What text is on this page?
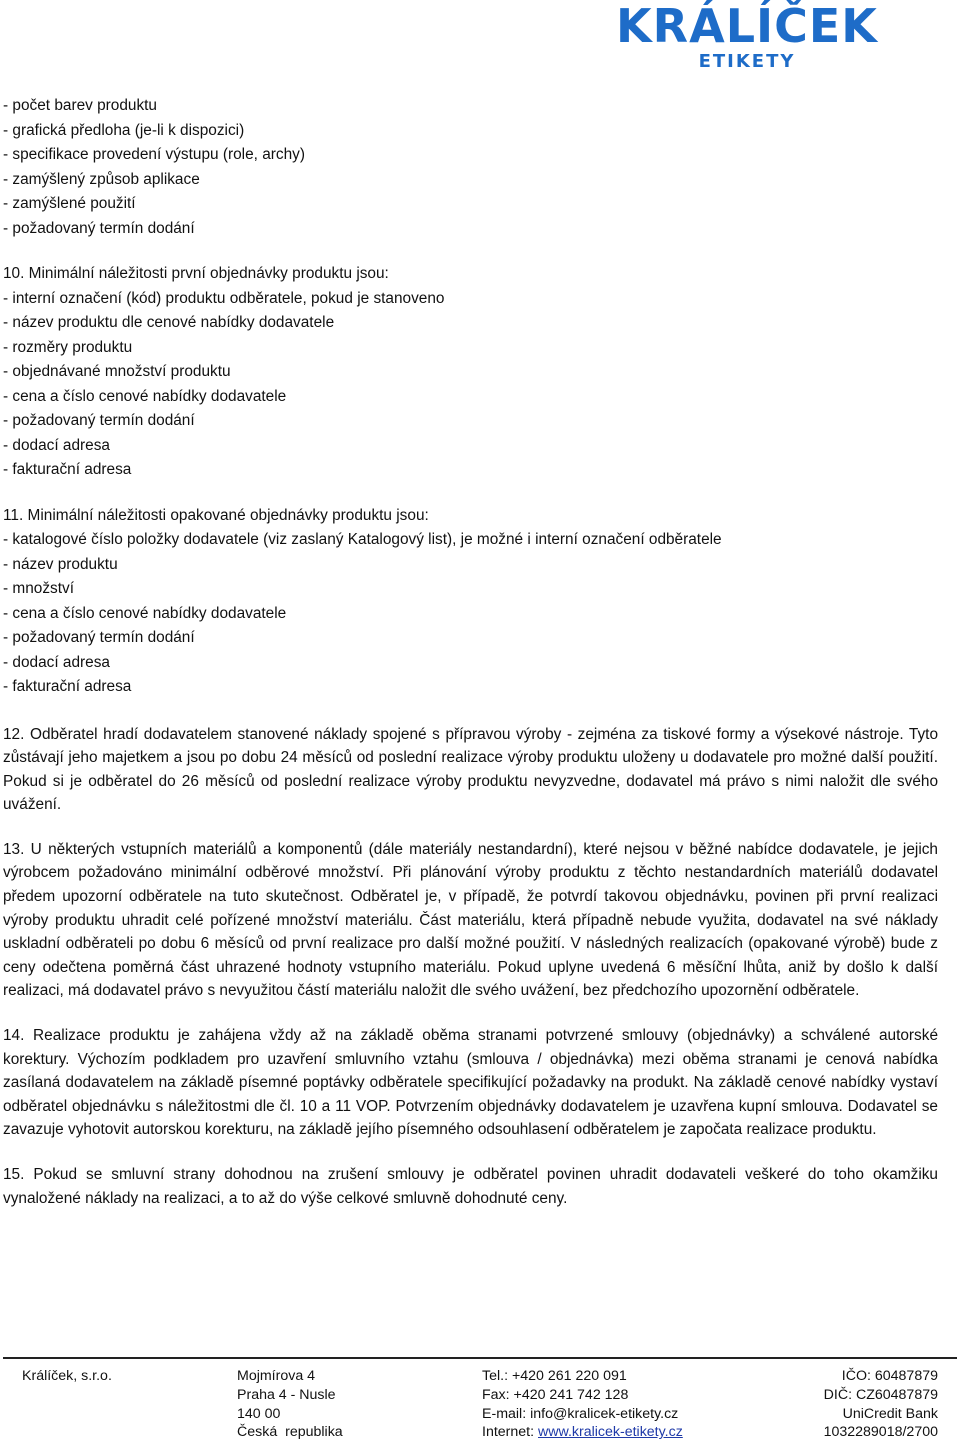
KRÁLÍČEK
ETIKETY
- počet barev produktu
- grafická předloha (je-li k dispozici)
- specifikace provedení výstupu (role, archy)
- zamýšlený způsob aplikace
- zamýšlené použití
- požadovaný termín dodání
10. Minimální náležitosti první objednávky produktu jsou:
- interní označení (kód) produktu odběratele, pokud je stanoveno
- název produktu dle cenové nabídky dodavatele
- rozměry produktu
- objednávané množství produktu
- cena a číslo cenové nabídky dodavatele
- požadovaný termín dodání
- dodací adresa
- fakturační adresa
11. Minimální náležitosti opakované objednávky produktu jsou:
- katalogové číslo položky dodavatele (viz zaslaný Katalogový list), je možné i interní označení odběratele
- název produktu
- množství
- cena a číslo cenové nabídky dodavatele
- požadovaný termín dodání
- dodací adresa
- fakturační adresa
12. Odběratel hradí dodavatelem stanovené náklady spojené s přípravou výroby - zejména za tiskové formy a výsekové nástroje. Tyto zůstávají jeho majetkem a jsou po dobu 24 měsíců od poslední realizace výroby produktu uloženy u dodavatele pro možné další použití. Pokud si je odběratel do 26 měsíců od poslední realizace výroby produktu nevyzvedne, dodavatel má právo s nimi naložit dle svého uvážení.
13. U některých vstupních materiálů a komponentů (dále materiály nestandardní), které nejsou v běžné nabídce dodavatele, je jejich výrobcem požadováno minimální odběrové množství. Při plánování výroby produktu z těchto nestandardních materiálů dodavatel předem upozorní odběratele na tuto skutečnost. Odběratel je, v případě, že potvrdí takovou objednávku, povinen při první realizaci výroby produktu uhradit celé pořízené množství materiálu. Část materiálu, která případně nebude využita, dodavatel na své náklady uskladní odběrateli po dobu 6 měsíců od první realizace pro další možné použití. V následných realizacích (opakované výrobě) bude z ceny odečtena poměrná část uhrazené hodnoty vstupního materiálu. Pokud uplyne uvedená 6 měsíční lhůta, aniž by došlo k další realizaci, má dodavatel právo s nevyužitou částí materiálu naložit dle svého uvážení, bez předchozího upozornění odběratele.
14. Realizace produktu je zahájena vždy až na základě oběma stranami potvrzené smlouvy (objednávky) a schválené autorské korektury. Výchozím podkladem pro uzavření smluvního vztahu (smlouva / objednávka) mezi oběma stranami je cenová nabídka zasílaná dodavatelem na základě písemné poptávky odběratele specifikující požadavky na produkt. Na základě cenové nabídky vystaví odběratel objednávku s náležitostmi dle čl. 10 a 11 VOP. Potvrzením objednávky dodavatelem je uzavřena kupní smlouva. Dodavatel se zavazuje vyhotovit autorskou korekturu, na základě jejího písemného odsouhlasení odběratelem je započata realizace produktu.
15. Pokud se smluvní strany dohodnou na zrušení smlouvy je odběratel povinen uhradit dodavateli veškeré do toho okamžiku vynaložené náklady na realizaci, a to až do výše celkové smluvně dohodnuté ceny.
Králíček, s.r.o.	Mojmírova 4
Praha 4 - Nusle
140 00
Česká  republika
Tel.: +420 261 220 091
Fax: +420 241 742 128
E-mail: info@kralicek-etikety.cz
Internet: www.kralicek-etikety.cz
IČO: 60487879
DIČ: CZ60487879
UniCredit Bank
1032289018/2700
